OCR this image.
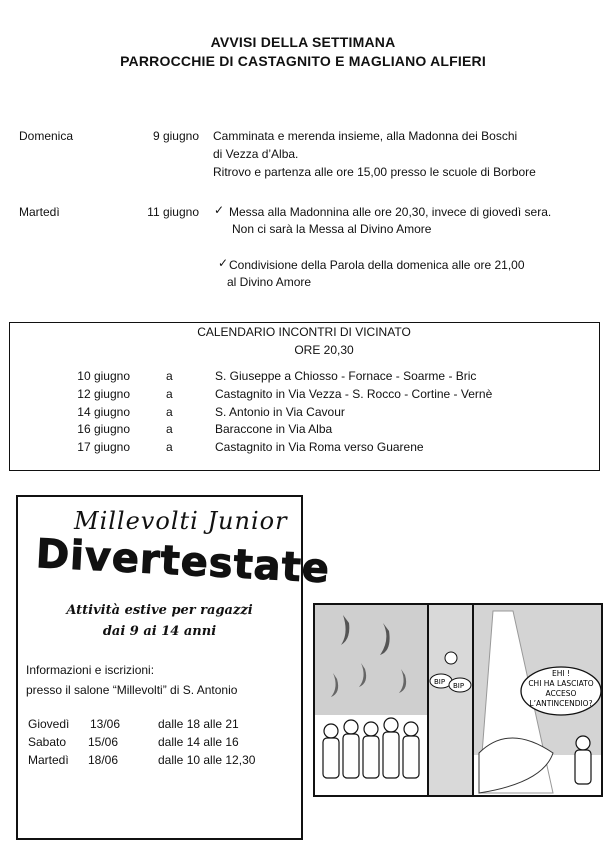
AVVISI DELLA SETTIMANA
PARROCCHIE DI CASTAGNITO E MAGLIANO ALFIERI
Domenica	9 giugno Camminata e merenda insieme, alla Madonna dei Boschi
di Vezza d’Alba.
Ritrovo e partenza alle ore 15,00 presso le scuole di Borbore
Martedì	11 giugno ✓ Messa alla Madonnina alle ore 20,30, invece di giovedì sera.
Non ci sarà la Messa al Divino Amore
✓ Condivisione della Parola della domenica alle ore 21,00
al Divino Amore
CALENDARIO INCONTRI DI VICINATO
ORE 20,30
10 giugno	a	S. Giuseppe a Chiosso - Fornace - Soarme - Bric
12 giugno	a	Castagnito in Via Vezza - S. Rocco - Cortine - Vernè
14 giugno	a	S. Antonio in Via Cavour
16 giugno	a	Baraccone in Via Alba
17 giugno	a	Castagnito in Via Roma verso Guarene
Millevolti Junior
Divertestate
Attività estive per ragazzi
dai 9 ai 14 anni
Informazioni e iscrizioni:
presso il salone “Millevolti” di S. Antonio
Giovedì 13/06	dalle 18 alle 21
Sabato 15/06	dalle 14 alle 16
Martedì 18/06	dalle 10 alle 12,30
BIP BIP
EHI !
CHI HA LASCIATO
ACCESO
L’ANTINCENDIO?
